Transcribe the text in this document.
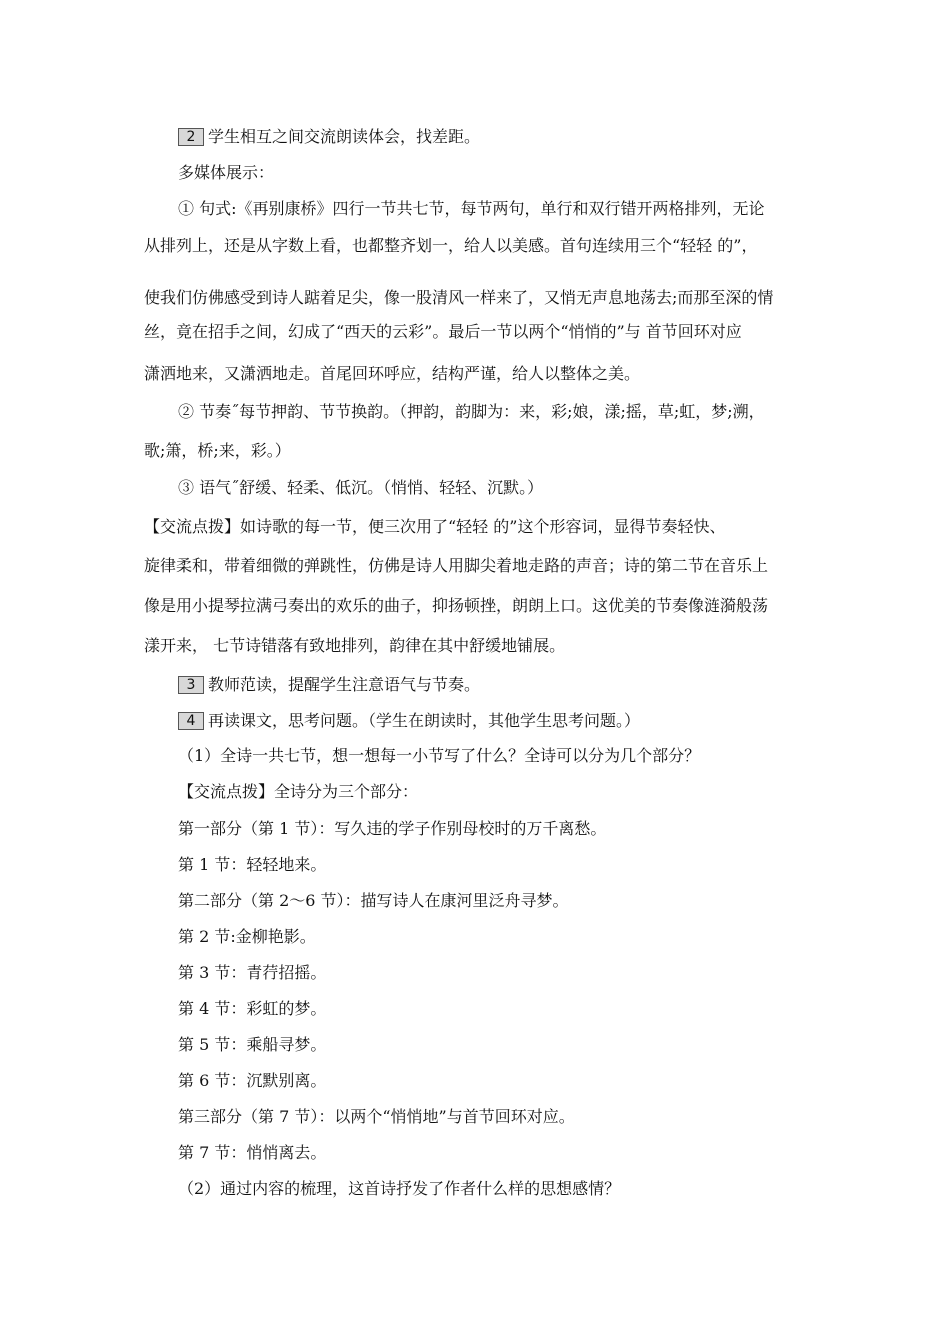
2 学生相互之间交流朗读体会，找差距。
多媒体展示：
① 句式:《再别康桥》四行一节共七节，每节两句，单行和双行错开两格排列，无论
从排列上，还是从字数上看，也都整齐划一，给人以美感。首句连续用三个“轻轻 的”，
使我们仿佛感受到诗人踮着足尖，像一股清风一样来了，又悄无声息地荡去;而那至深的情
丝，竟在招手之间，幻成了“西天的云彩”。最后一节以两个“悄悄的”与 首节回环对应
潇洒地来，又潇洒地走。首尾回环呼应，结构严谨，给人以整体之美。
② 节奏˝每节押韵、节节换韵。（押韵，韵脚为：来，彩;娘，漾;摇，草;虹，梦;溯，
歌;箫，桥;来，彩。）
③ 语气˝舒缓、轻柔、低沉。（悄悄、轻轻、沉默。）
【交流点拨】如诗歌的每一节，便三次用了“轻轻 的”这个形容词，显得节奏轻快、
旋律柔和，带着细微的弹跳性，仿佛是诗人用脚尖着地走路的声音；诗的第二节在音乐上
像是用小提琴拉满弓奏出的欢乐的曲子，抑扬顿挫，朗朗上口。这优美的节奏像涟漪般荡
漾开来， 七节诗错落有致地排列，韵律在其中舒缓地铺展。
3 教师范读，提醒学生注意语气与节奏。
4 再读课文，思考问题。（学生在朗读时，其他学生思考问题。）
（1）全诗一共七节，想一想每一小节写了什么？全诗可以分为几个部分？
【交流点拨】全诗分为三个部分：
第一部分（第 1 节）：写久违的学子作别母校时的万千离愁。
第 1 节：轻轻地来。
第二部分（第 2～6 节）：描写诗人在康河里泛舟寻梦。
第 2 节:金柳艳影。
第 3 节：青荇招摇。
第 4 节：彩虹的梦。
第 5 节：乘船寻梦。
第 6 节：沉默别离。
第三部分（第 7 节）：以两个“悄悄地”与首节回环对应。
第 7 节：悄悄离去。
（2）通过内容的梳理，这首诗抒发了作者什么样的思想感情？
